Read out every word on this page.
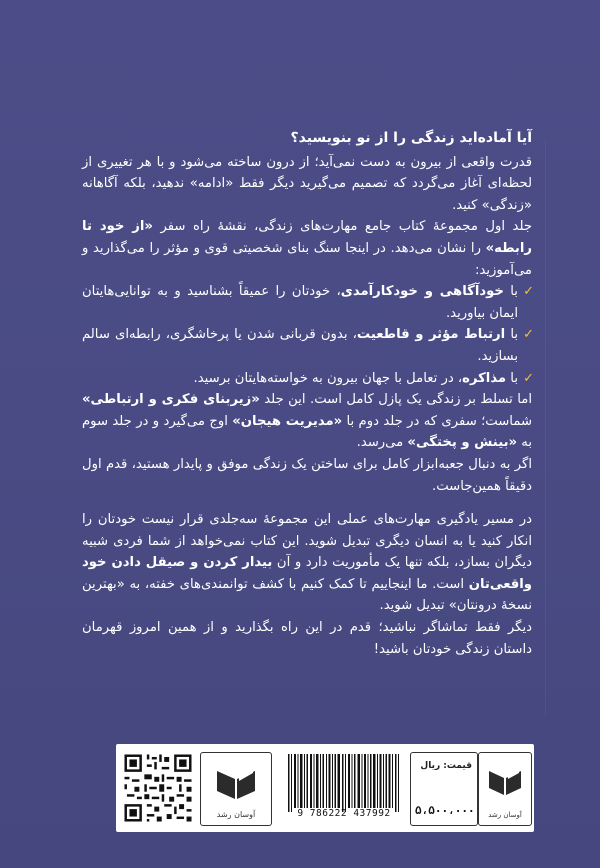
آیا آماده‌اید زندگی را از نو بنویسید؟

قدرت واقعی از بیرون به دست نمی‌آید؛ از درون ساخته می‌شود و با هر تغییری از لحظه‌ای آغاز می‌گردد که تصمیم می‌گیرید دیگر فقط «ادامه» ندهید، بلکه آگاهانه «زندگی» کنید.

جلد اول مجموعهٔ کتاب جامع مهارت‌های زندگی، نقشهٔ راه سفر «از خود تا رابطه» را نشان می‌دهد. در اینجا سنگ بنای شخصیتی قوی و مؤثر را می‌گذارید و می‌آموزید:

✓
با خودآگاهی و خودکارآمدی، خودتان را عمیقاً بشناسید و به توانایی‌هایتان ایمان بیاورید.

✓
با ارتباط مؤثر و قاطعیت، بدون قربانی شدن یا پرخاشگری، رابطه‌ای سالم بسازید.

✓
با مذاکره، در تعامل با جهان بیرون به خواسته‌هایتان برسید.

اما تسلط بر زندگی یک پازل کامل است. این جلد «زیربنای فکری و ارتباطی» شماست؛ سفری که در جلد دوم با «مدیریت هیجان» اوج می‌گیرد و در جلد سوم به «بینش و پختگی» می‌رسد.

اگر به دنبال جعبه‌ابزار کامل برای ساختن یک زندگی موفق و پایدار هستید، قدم اول دقیقاً همین‌جاست.

در مسیر یادگیری مهارت‌های عملی این مجموعهٔ سه‌جلدی قرار نیست خودتان را انکار کنید یا به انسان دیگری تبدیل شوید. این کتاب نمی‌خواهد از شما فردی شبیه دیگران بسازد، بلکه تنها یک مأموریت دارد و آن بیدار کردن و صیقل دادن خود واقعی‌تان است. ما اینجاییم تا کمک کنیم با کشف توانمندی‌های خفته، به «بهترین نسخهٔ درونتان» تبدیل شوید.

دیگر فقط تماشاگر نباشید؛ قدم در این راه بگذارید و از همین امروز قهرمان داستان زندگی خودتان باشید!

آوسان رشد	9 786222 437992
قیمت: ریال
۵،۵۰۰،۰۰۰	آوسان رشد
